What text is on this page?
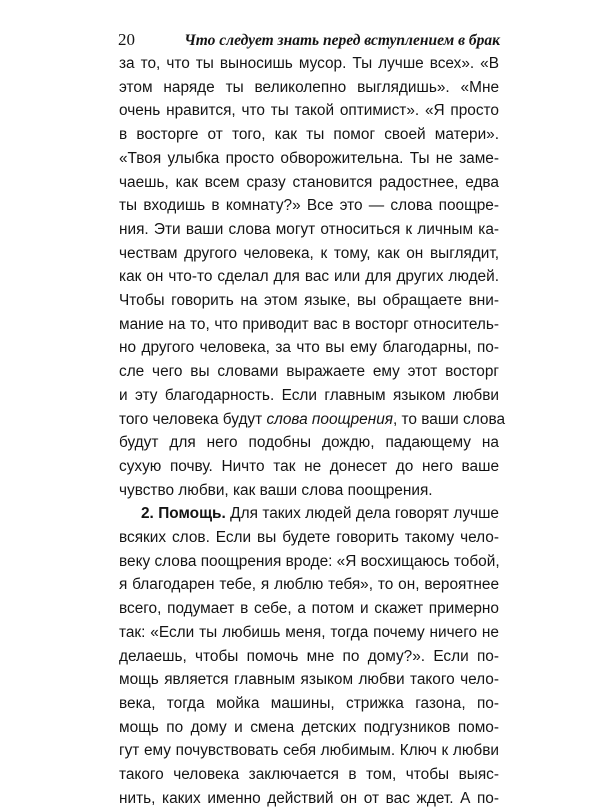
20	Что следует знать перед вступлением в брак
за то, что ты выносишь мусор. Ты лучше всех». «В
этом наряде ты великолепно выглядишь». «Мне
очень нравится, что ты такой оптимист». «Я просто
в восторге от того, как ты помог своей матери».
«Твоя улыбка просто обворожительна. Ты не заме-
чаешь, как всем сразу становится радостнее, едва
ты входишь в комнату?» Все это — слова поощре-
ния. Эти ваши слова могут относиться к личным ка-
чествам другого человека, к тому, как он выглядит,
как он что-то сделал для вас или для других людей.
Чтобы говорить на этом языке, вы обращаете вни-
мание на то, что приводит вас в восторг относитель-
но другого человека, за что вы ему благодарны, по-
сле чего вы словами выражаете ему этот восторг
и эту благодарность. Если главным языком любви
того человека будут слова поощрения, то ваши слова
будут для него подобны дождю, падающему на
сухую почву. Ничто так не донесет до него ваше
чувство любви, как ваши слова поощрения.
2. Помощь. Для таких людей дела говорят лучше
всяких слов. Если вы будете говорить такому чело-
веку слова поощрения вроде: «Я восхищаюсь тобой,
я благодарен тебе, я люблю тебя», то он, вероятнее
всего, подумает в себе, а потом и скажет примерно
так: «Если ты любишь меня, тогда почему ничего не
делаешь, чтобы помочь мне по дому?». Если по-
мощь является главным языком любви такого чело-
века, тогда мойка машины, стрижка газона, по-
мощь по дому и смена детских подгузников помо-
гут ему почувствовать себя любимым. Ключ к любви
такого человека заключается в том, чтобы выяс-
нить, каких именно действий он от вас ждет. А по-
